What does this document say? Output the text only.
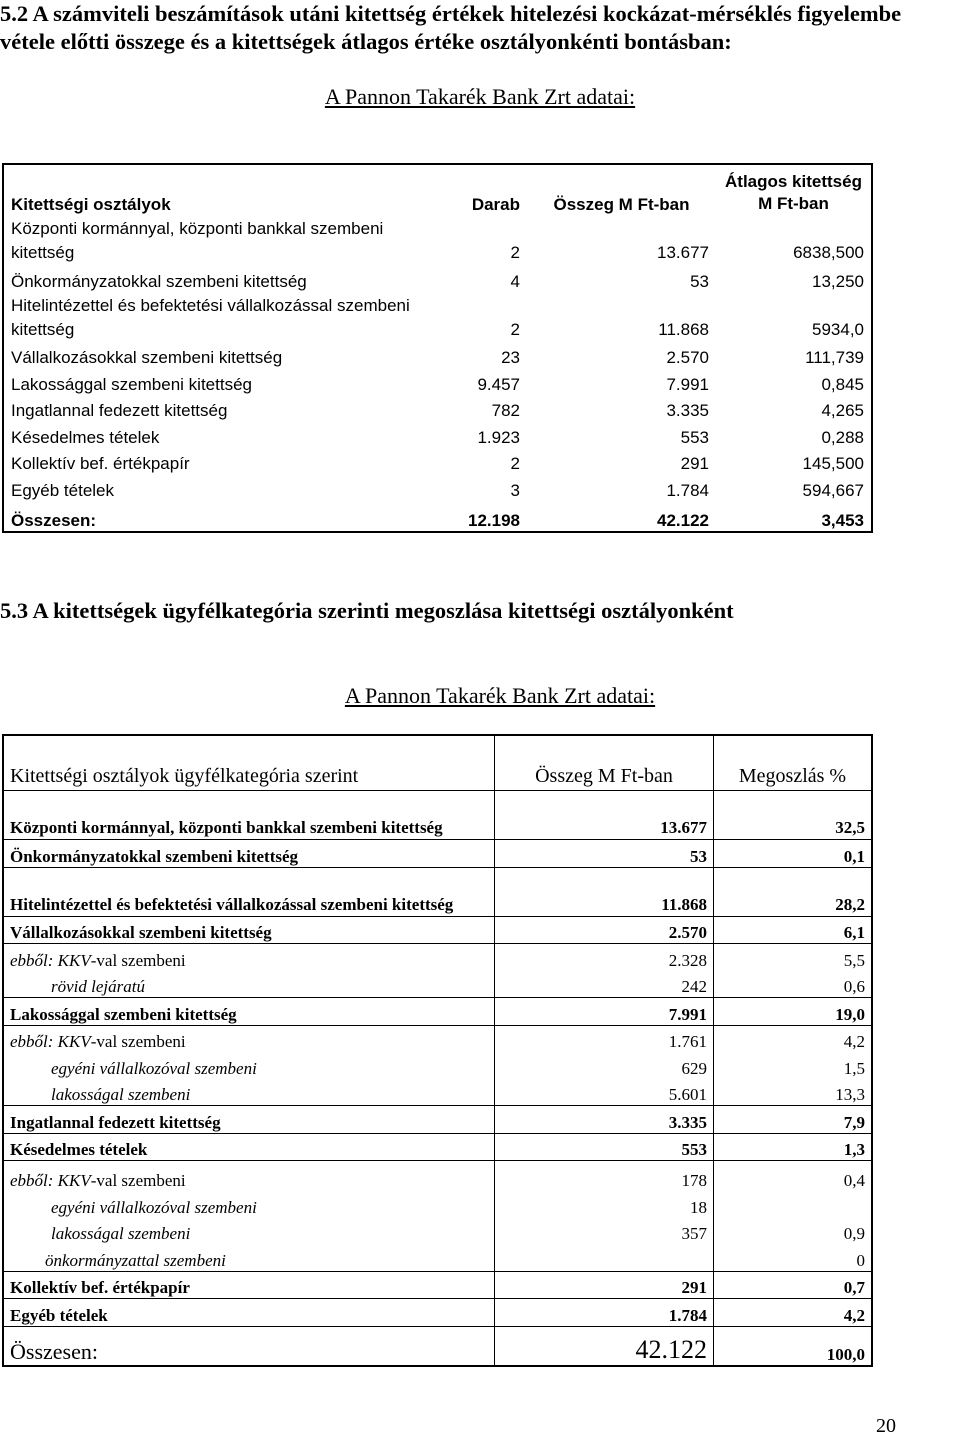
5.2 A számviteli beszámítások utáni kitettség értékek hitelezési kockázat-mérséklés figyelembe vétele előtti összege és a kitettségek átlagos értéke osztályonkénti bontásban:

A Pannon Takarék Bank Zrt adatai:

Kitettségi osztályok	Darab	Összeg M Ft-ban	Átlagos kitettség M Ft-ban
Központi kormánnyal, központi bankkal szembeni kitettség	2	13.677	6838,500
Önkormányzatokkal szembeni kitettség	4	53	13,250
Hitelintézettel és befektetési vállalkozással szembeni kitettség	2	11.868	5934,0
Vállalkozásokkal szembeni kitettség	23	2.570	111,739
Lakossággal szembeni kitettség	9.457	7.991	0,845
Ingatlannal fedezett kitettség	782	3.335	4,265
Késedelmes tételek	1.923	553	0,288
Kollektív bef. értékpapír	2	291	145,500
Egyéb tételek	3	1.784	594,667
Összesen:	12.198	42.122	3,453
5.3 A kitettségek ügyfélkategória szerinti megoszlása kitettségi osztályonként

A Pannon Takarék Bank Zrt adatai:

Kitettségi osztályok ügyfélkategória szerint	Összeg M Ft-ban	Megoszlás %
Központi kormánnyal, központi bankkal szembeni kitettség	13.677	32,5
Önkormányzatokkal szembeni kitettség	53	0,1
Hitelintézettel és befektetési vállalkozással szembeni kitettség	11.868	28,2
Vállalkozásokkal szembeni kitettség	2.570	6,1
ebből: KKV-val szembeni	2.328	5,5
rövid lejáratú	242	0,6
Lakossággal szembeni kitettség	7.991	19,0
ebből: KKV-val szembeni	1.761	4,2
egyéni vállalkozóval szembeni	629	1,5
lakosságal szembeni	5.601	13,3
Ingatlannal fedezett kitettség	3.335	7,9
Késedelmes tételek	553	1,3
ebből: KKV-val szembeni	178	0,4
egyéni vállalkozóval szembeni	18	
lakosságal szembeni	357	0,9
önkormányzattal szembeni		0
Kollektív bef. értékpapír	291	0,7
Egyéb tételek	1.784	4,2
Összesen:	42.122	100,0

20
